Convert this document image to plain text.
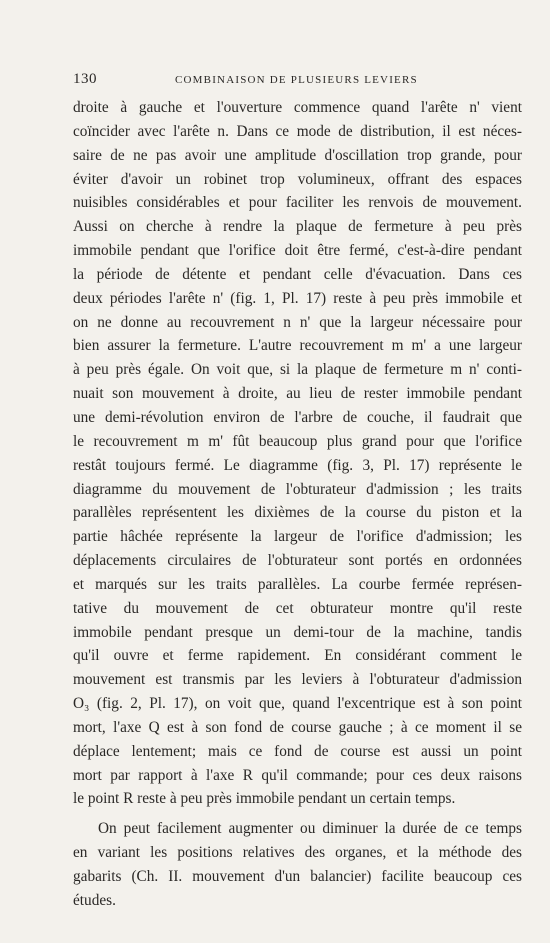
130	COMBINAISON DE PLUSIEURS LEVIERS
droite à gauche et l'ouverture commence quand l'arête n' vient
coïncider avec l'arête n. Dans ce mode de distribution, il est néces-
saire de ne pas avoir une amplitude d'oscillation trop grande, pour
éviter d'avoir un robinet trop volumineux, offrant des espaces
nuisibles considérables et pour faciliter les renvois de mouvement.
Aussi on cherche à rendre la plaque de fermeture à peu près
immobile pendant que l'orifice doit être fermé, c'est-à-dire pendant
la période de détente et pendant celle d'évacuation. Dans ces
deux périodes l'arête n' (fig. 1, Pl. 17) reste à peu près immobile et
on ne donne au recouvrement n n' que la largeur nécessaire pour
bien assurer la fermeture. L'autre recouvrement m m' a une largeur
à peu près égale. On voit que, si la plaque de fermeture m n' conti-
nuait son mouvement à droite, au lieu de rester immobile pendant
une demi-révolution environ de l'arbre de couche, il faudrait que
le recouvrement m m' fût beaucoup plus grand pour que l'orifice
restât toujours fermé. Le diagramme (fig. 3, Pl. 17) représente le
diagramme du mouvement de l'obturateur d'admission ; les traits
parallèles représentent les dixièmes de la course du piston et la
partie hâchée représente la largeur de l'orifice d'admission; les
déplacements circulaires de l'obturateur sont portés en ordonnées
et marqués sur les traits parallèles. La courbe fermée représen-
tative du mouvement de cet obturateur montre qu'il reste
immobile pendant presque un demi-tour de la machine, tandis
qu'il ouvre et ferme rapidement. En considérant comment le
mouvement est transmis par les leviers à l'obturateur d'admission
O₃ (fig. 2, Pl. 17), on voit que, quand l'excentrique est à son point
mort, l'axe Q est à son fond de course gauche ; à ce moment il se
déplace lentement; mais ce fond de course est aussi un point
mort par rapport à l'axe R qu'il commande; pour ces deux raisons
le point R reste à peu près immobile pendant un certain temps.
On peut facilement augmenter ou diminuer la durée de ce temps
en variant les positions relatives des organes, et la méthode des
gabarits (Ch. II. mouvement d'un balancier) facilite beaucoup ces
études.
